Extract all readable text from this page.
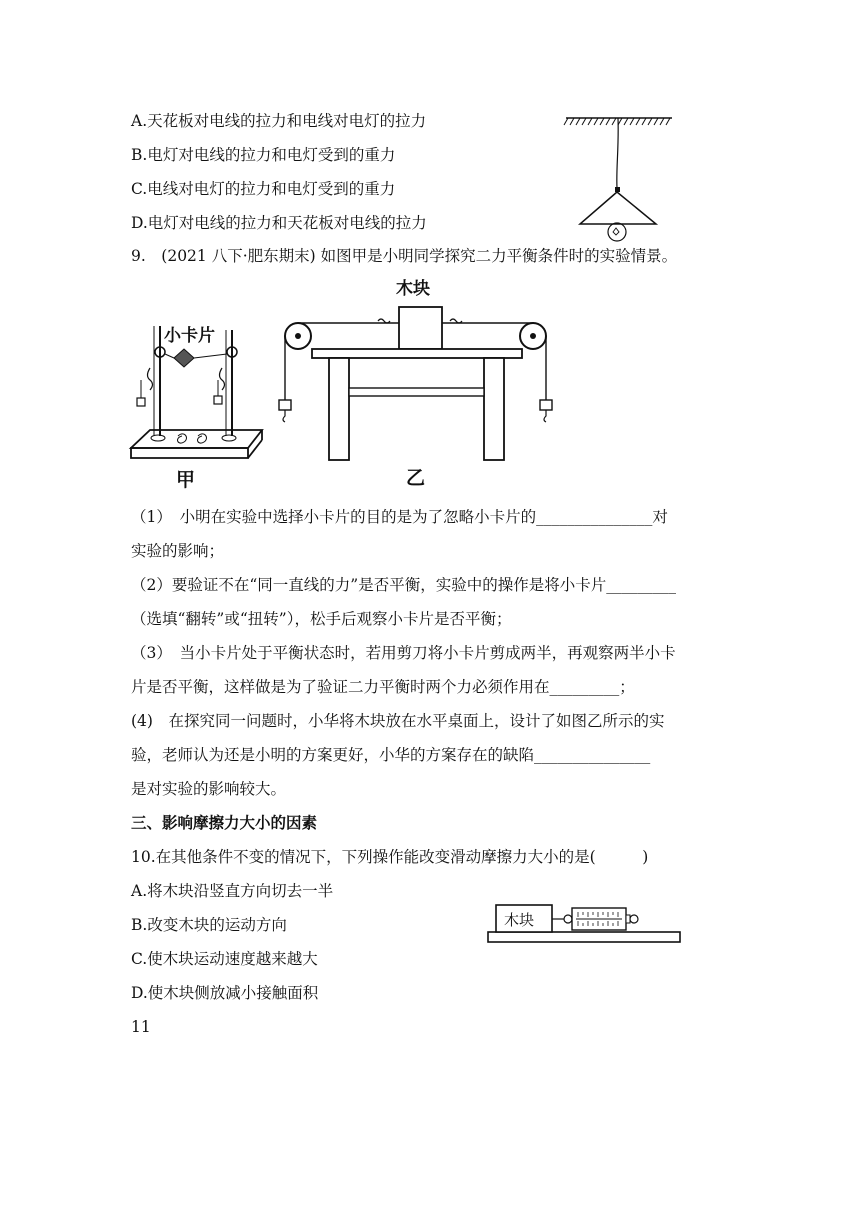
A.天花板对电线的拉力和电线对电灯的拉力
B.电灯对电线的拉力和电灯受到的重力
C.电线对电灯的拉力和电灯受到的重力
D.电灯对电线的拉力和天花板对电线的拉力
9.　(2021 八下·肥东期末) 如图甲是小明同学探究二力平衡条件时的实验情景。
小卡片
甲
木块
乙
（1）　小明在实验中选择小卡片的目的是为了忽略小卡片的_______________对
实验的影响；
（2）要验证不在“同一直线的力”是否平衡，实验中的操作是将小卡片_________
（选填“翻转”或“扭转”），松手后观察小卡片是否平衡；
（3）　当小卡片处于平衡状态时，若用剪刀将小卡片剪成两半，再观察两半小卡
片是否平衡，这样做是为了验证二力平衡时两个力必须作用在_________；
(4)　在探究同一问题时，小华将木块放在水平桌面上，设计了如图乙所示的实
验，老师认为还是小明的方案更好，小华的方案存在的缺陷_______________
是对实验的影响较大。
三、影响摩擦力大小的因素
10.在其他条件不变的情况下，下列操作能改变滑动摩擦力大小的是(　　　)
A.将木块沿竖直方向切去一半
B.改变木块的运动方向
C.使木块运动速度越来越大
D.使木块侧放减小接触面积
木块
11
